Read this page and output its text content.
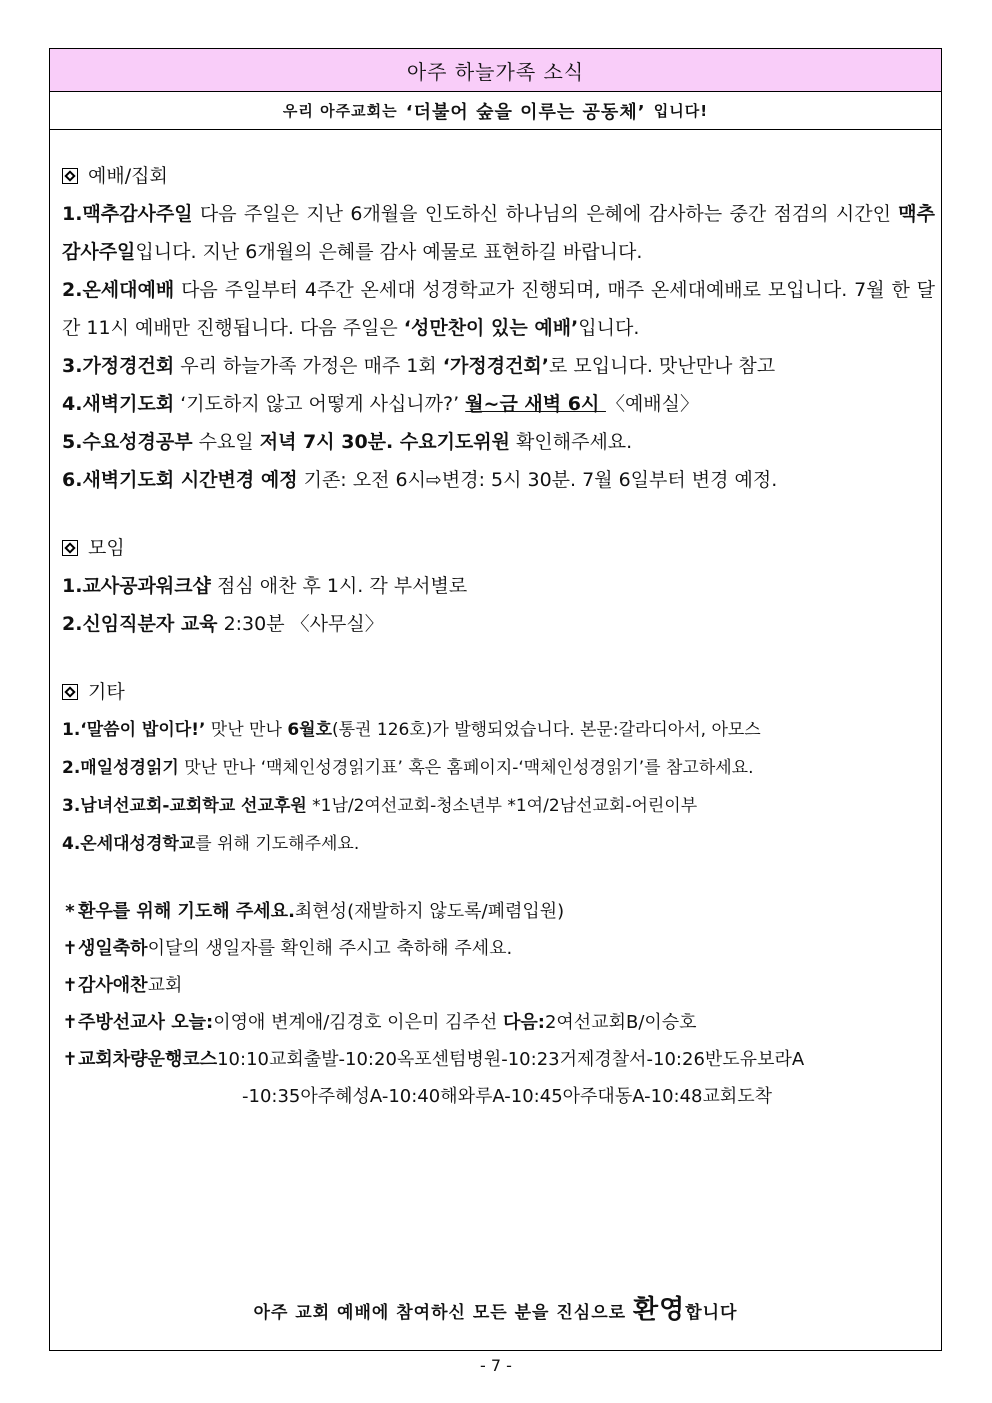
아주 하늘가족 소식
우리 아주교회는
‘더불어 숲을 이루는 공동체’
입니다!
예배/집회
1.맥추감사주일 다음 주일은 지난 6개월을 인도하신 하나님의 은혜에 감사하는 중간 점검의 시간인 맥추감사주일입니다. 지난 6개월의 은혜를 감사 예물로 표현하길 바랍니다.
2.온세대예배 다음 주일부터 4주간 온세대 성경학교가 진행되며, 매주 온세대예배로 모입니다. 7월 한 달간 11시 예배만 진행됩니다. 다음 주일은 ‘성만찬이 있는 예배’입니다.
3.가정경건회 우리 하늘가족 가정은 매주 1회 ‘가정경건회’로 모입니다. 맛난만나 참고
4.새벽기도회 ‘기도하지 않고 어떻게 사십니까?’ 월~금 새벽 6시 〈예배실〉
5.수요성경공부 수요일 저녁 7시 30분. 수요기도위원 확인해주세요.
6.새벽기도회 시간변경 예정 기존: 오전 6시⇨변경: 5시 30분. 7월 6일부터 변경 예정.
모임
1.교사공과워크샵 점심 애찬 후 1시. 각 부서별로
2.신임직분자 교육 2:30분 〈사무실〉
기타
1.‘말씀이 밥이다!’ 맛난 만나 6월호(통권 126호)가 발행되었습니다. 본문:갈라디아서, 아모스
2.매일성경읽기 맛난 만나 ‘맥체인성경읽기표’ 혹은 홈페이지-‘맥체인성경읽기’를 참고하세요.
3.남녀선교회-교회학교 선교후원 *1남/2여선교회-청소년부 *1여/2남선교회-어린이부
4.온세대성경학교를 위해 기도해주세요.
* 환우를 위해 기도해 주세요. 최현성(재발하지 않도록/폐렴입원)
✝ 생일축하 이달의 생일자를 확인해 주시고 축하해 주세요.
✝ 감사애찬 교회
✝ 주방선교사 오늘: 이영애 변계애/김경호 이은미 김주선
다음: 2여선교회B/이승호
✝ 교회차량운행코스 10:10교회출발-10:20옥포센텀병원-10:23거제경찰서-10:26반도유보라A
-10:35아주혜성A-10:40해와루A-10:45아주대동A-10:48교회도착
아주 교회 예배에 참여하신 모든 분을 진심으로 환영합니다
- 7 -
